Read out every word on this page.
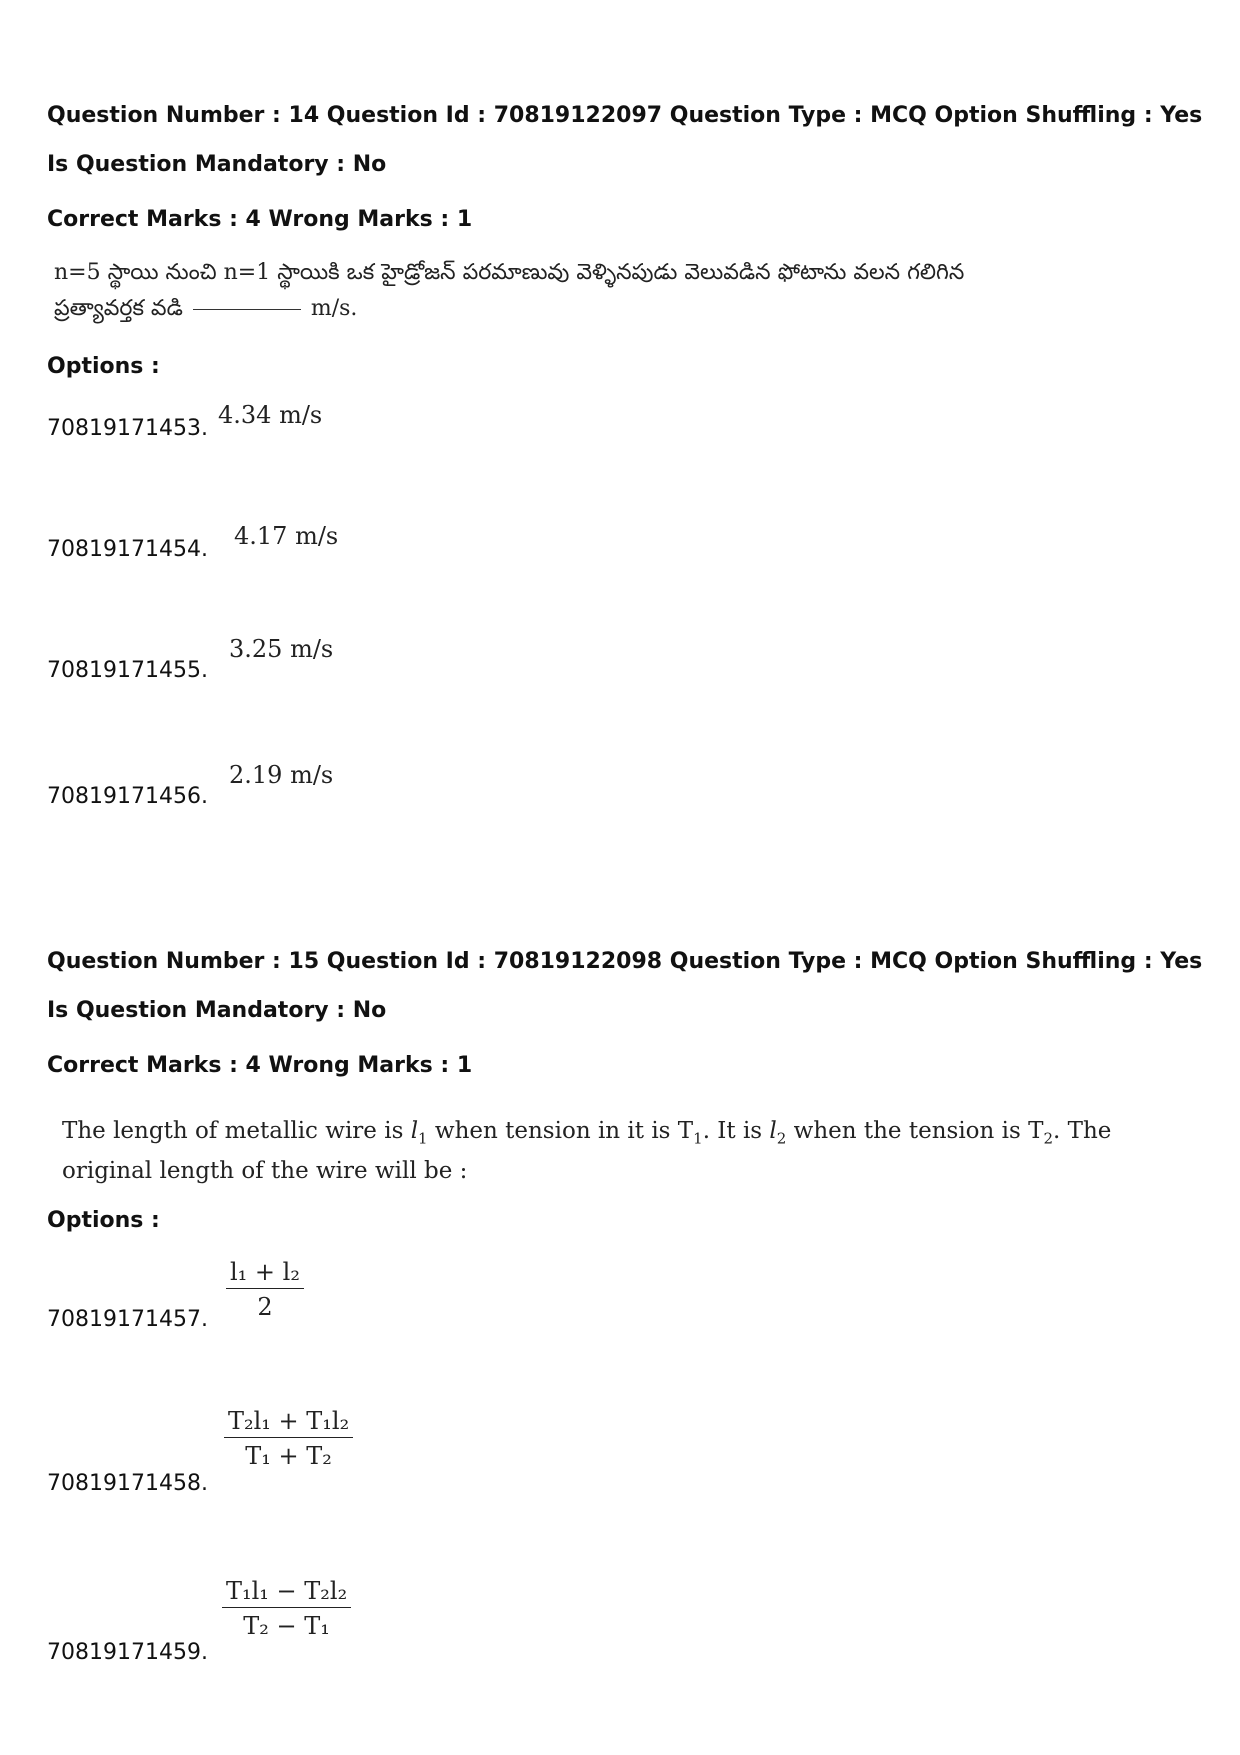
Question Number : 14 Question Id : 70819122097 Question Type : MCQ Option Shuffling : Yes
Is Question Mandatory : No
Correct Marks : 4 Wrong Marks : 1
n=5 స్థాయి నుంచి n=1 స్థాయికి ఒక హైడ్రోజన్ పరమాణువు వెళ్ళినపుడు వెలువడిన ఫోటాను వలన గలిగిన
ప్రత్యావర్తక వడి	m/s.
Options :
70819171453. 4.34 m/s
70819171454. 4.17 m/s
70819171455.
3.25 m/s
70819171456.
2.19 m/s
Question Number : 15 Question Id : 70819122098 Question Type : MCQ Option Shuffling : Yes
Is Question Mandatory : No
Correct Marks : 4 Wrong Marks : 1
The length of metallic wire is $l_1$ when tension in it is $T_1$. It is $l_2$ when the tension is $T_2$. The
original length of the wire will be :
Options :
70819171457. $\frac{\text{l₁ + l₂}}{2}$
70819171458.
$\frac{\text{T₂l₁ + T₁l₂}}{\text{T₁ + T₂}}$
70819171459.
$\frac{\text{T₁l₁ − T₂l₂}}{\text{T₂ − T₁}}$
